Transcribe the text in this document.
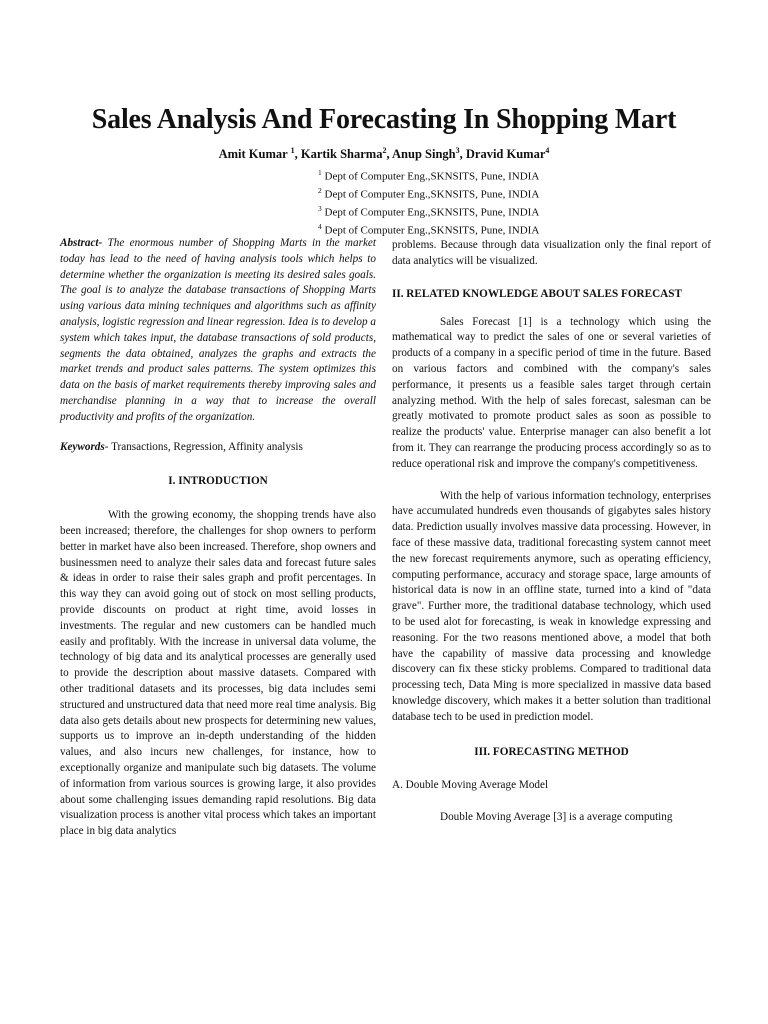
Sales Analysis And Forecasting In Shopping Mart
Amit Kumar $^1$, Kartik Sharma$^2$, Anup Singh$^3$, Dravid Kumar$^4$
$^1$ Dept of Computer Eng.,SKNSITS, Pune, INDIA
$^2$ Dept of Computer Eng.,SKNSITS, Pune, INDIA
$^3$ Dept of Computer Eng.,SKNSITS, Pune, INDIA
$^4$ Dept of Computer Eng.,SKNSITS, Pune, INDIA

Abstract- The enormous number of Shopping Marts in the market today has lead to the need of having analysis tools which helps to determine whether the organization is meeting its desired sales goals. The goal is to analyze the database transactions of Shopping Marts using various data mining techniques and algorithms such as affinity analysis, logistic regression and linear regression. Idea is to develop a system which takes input, the database transactions of sold products, segments the data obtained, analyzes the graphs and extracts the market trends and product sales patterns. The system optimizes this data on the basis of market requirements thereby improving sales and merchandise planning in a way that to increase the overall productivity and profits of the organization.

Keywords- Transactions, Regression, Affinity analysis

I. INTRODUCTION

With the growing economy, the shopping trends have also been increased; therefore, the challenges for shop owners to perform better in market have also been increased. Therefore, shop owners and businessmen need to analyze their sales data and forecast future sales & ideas in order to raise their sales graph and profit percentages. In this way they can avoid going out of stock on most selling products, provide discounts on product at right time, avoid losses in investments. The regular and new customers can be handled much easily and profitably. With the increase in universal data volume, the technology of big data and its analytical processes are generally used to provide the description about massive datasets. Compared with other traditional datasets and its processes, big data includes semi structured and unstructured data that need more real time analysis. Big data also gets details about new prospects for determining new values, supports us to improve an in-depth understanding of the hidden values, and also incurs new challenges, for instance, how to exceptionally organize and manipulate such big datasets. The volume of information from various sources is growing large, it also provides about some challenging issues demanding rapid resolutions. Big data visualization process is another vital process which takes an important place in big data analytics

problems. Because through data visualization only the final report of data analytics will be visualized.

II. RELATED KNOWLEDGE ABOUT SALES FORECAST

Sales Forecast [1] is a technology which using the mathematical way to predict the sales of one or several varieties of products of a company in a specific period of time in the future. Based on various factors and combined with the company's sales performance, it presents us a feasible sales target through certain analyzing method. With the help of sales forecast, salesman can be greatly motivated to promote product sales as soon as possible to realize the products' value. Enterprise manager can also benefit a lot from it. They can rearrange the producing process accordingly so as to reduce operational risk and improve the company's competitiveness.

With the help of various information technology, enterprises have accumulated hundreds even thousands of gigabytes sales history data. Prediction usually involves massive data processing. However, in face of these massive data, traditional forecasting system cannot meet the new forecast requirements anymore, such as operating efficiency, computing performance, accuracy and storage space, large amounts of historical data is now in an offline state, turned into a kind of "data grave". Further more, the traditional database technology, which used to be used alot for forecasting, is weak in knowledge expressing and reasoning. For the two reasons mentioned above, a model that both have the capability of massive data processing and knowledge discovery can fix these sticky problems. Compared to traditional data processing tech, Data Ming is more specialized in massive data based knowledge discovery, which makes it a better solution than traditional database tech to be used in prediction model.

III. FORECASTING METHOD

A. Double Moving Average Model

Double Moving Average [3] is a average computing
